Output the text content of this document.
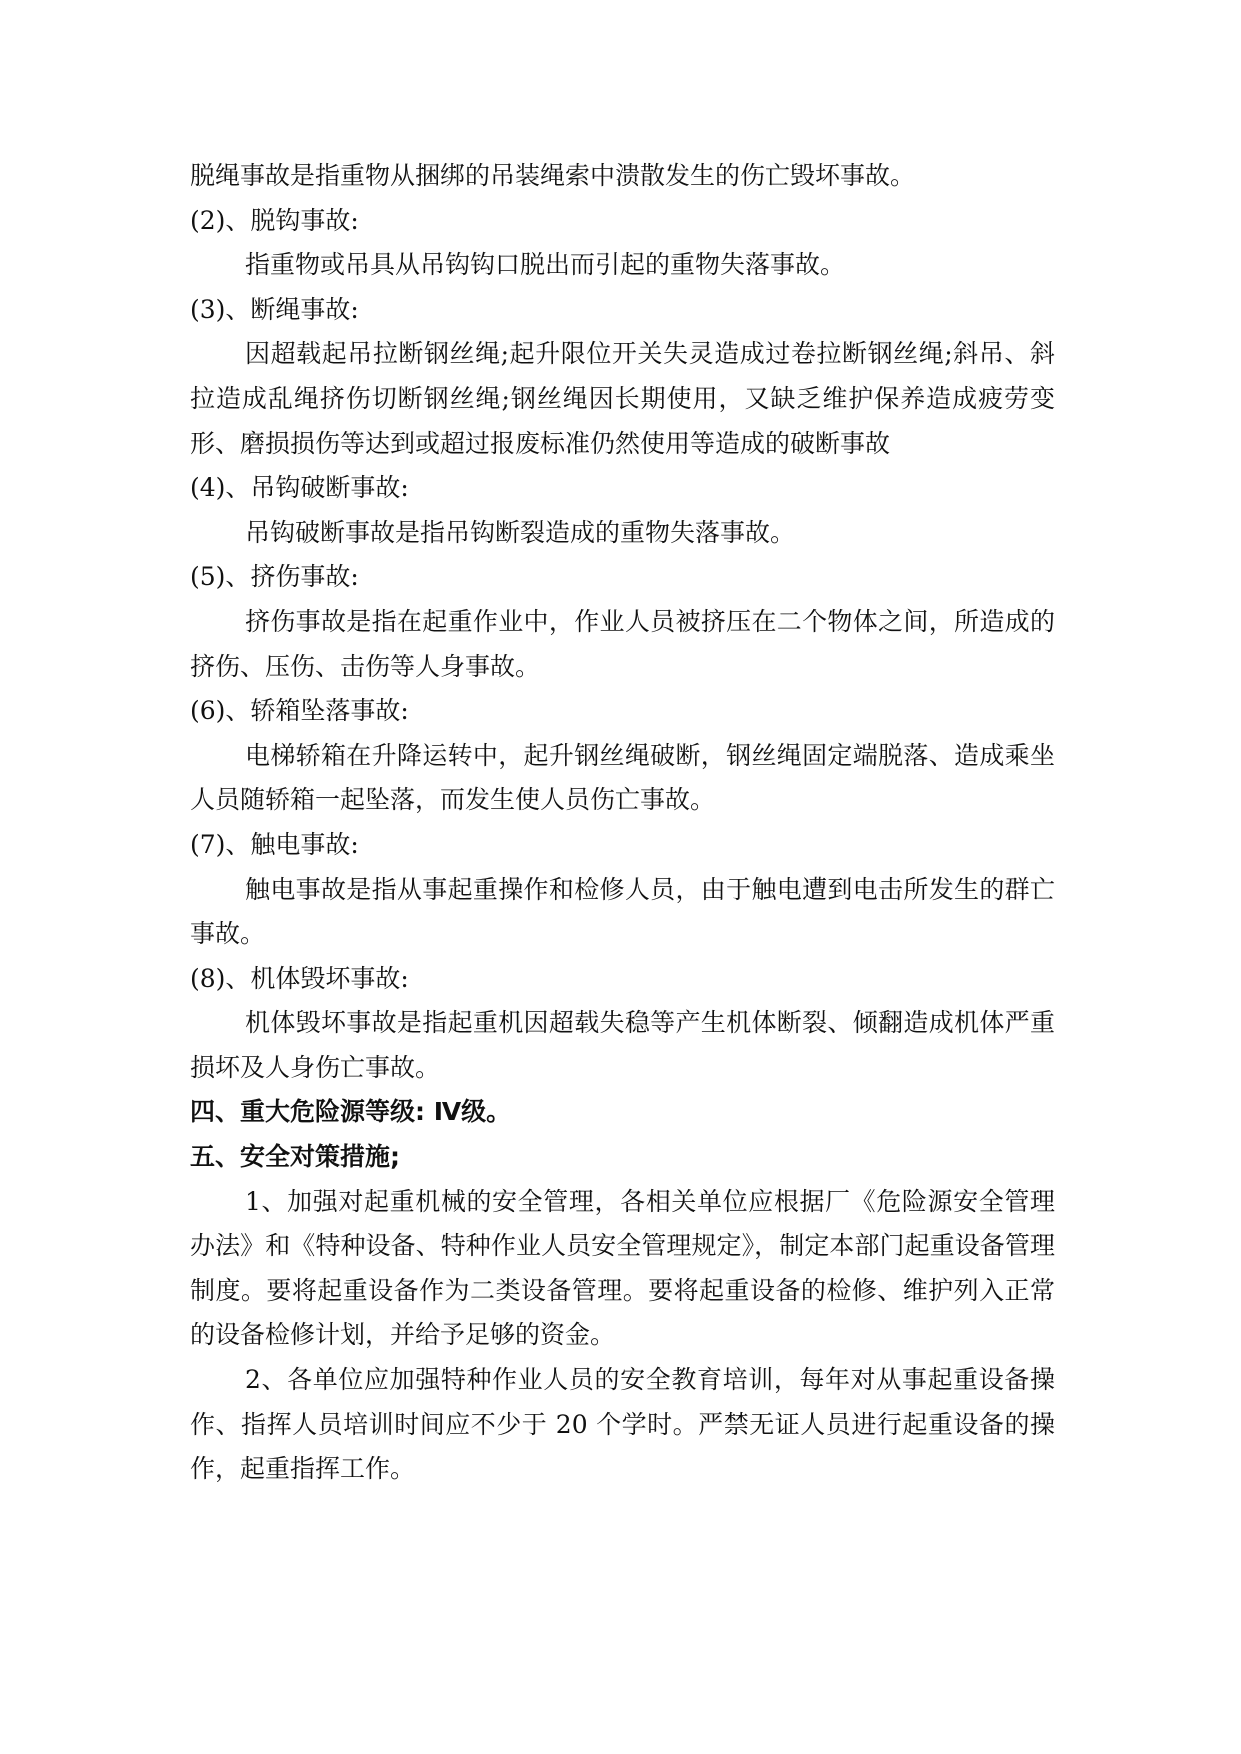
脱绳事故是指重物从捆绑的吊装绳索中溃散发生的伤亡毁坏事故。

(2)、脱钩事故:

指重物或吊具从吊钩钩口脱出而引起的重物失落事故。

(3)、断绳事故:

因超载起吊拉断钢丝绳;起升限位开关失灵造成过卷拉断钢丝绳;斜吊、斜拉造成乱绳挤伤切断钢丝绳;钢丝绳因长期使用，又缺乏维护保养造成疲劳变形、磨损损伤等达到或超过报废标准仍然使用等造成的破断事故

(4)、吊钩破断事故:

吊钩破断事故是指吊钩断裂造成的重物失落事故。

(5)、挤伤事故:

挤伤事故是指在起重作业中，作业人员被挤压在二个物体之间，所造成的挤伤、压伤、击伤等人身事故。

(6)、轿箱坠落事故:

电梯轿箱在升降运转中，起升钢丝绳破断，钢丝绳固定端脱落、造成乘坐人员随轿箱一起坠落，而发生使人员伤亡事故。

(7)、触电事故:

触电事故是指从事起重操作和检修人员，由于触电遭到电击所发生的群亡事故。

(8)、机体毁坏事故:

机体毁坏事故是指起重机因超载失稳等产生机体断裂、倾翻造成机体严重损坏及人身伤亡事故。

四、重大危险源等级: Ⅳ级。

五、安全对策措施;

1、加强对起重机械的安全管理，各相关单位应根据厂《危险源安全管理办法》和《特种设备、特种作业人员安全管理规定》，制定本部门起重设备管理制度。要将起重设备作为二类设备管理。要将起重设备的检修、维护列入正常的设备检修计划，并给予足够的资金。

2、各单位应加强特种作业人员的安全教育培训，每年对从事起重设备操作、指挥人员培训时间应不少于 20 个学时。严禁无证人员进行起重设备的操作，起重指挥工作。
